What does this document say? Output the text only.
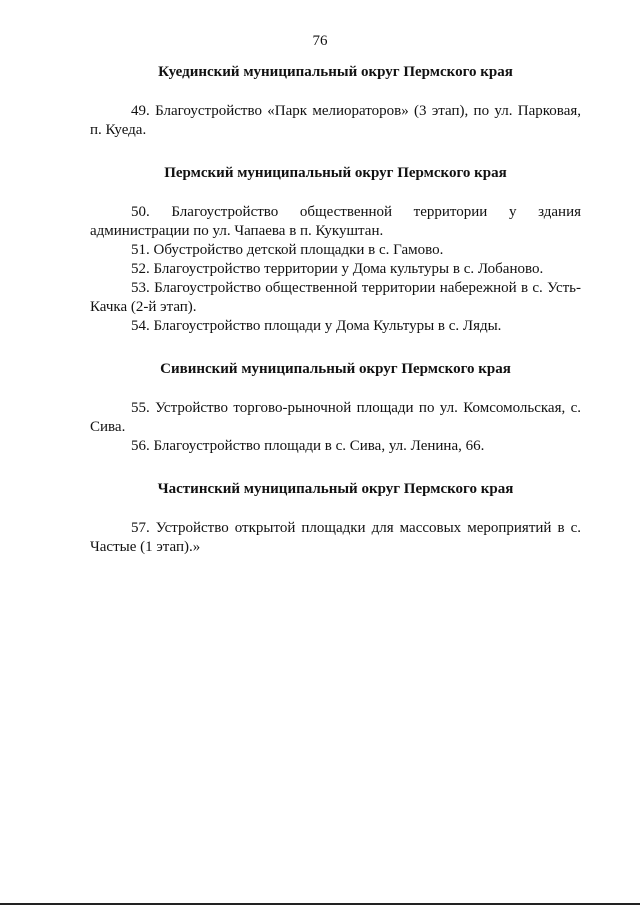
76

Куединский муниципальный округ Пермского края

49. Благоустройство «Парк мелиораторов» (3 этап), по ул. Парковая, п. Куеда.

Пермский муниципальный округ Пермского края

50. Благоустройство общественной территории у здания администрации по ул. Чапаева в п. Кукуштан.

51. Обустройство детской площадки в с. Гамово.

52. Благоустройство территории у Дома культуры в с. Лобаново.

53. Благоустройство общественной территории набережной в с. Усть-Качка (2-й этап).

54. Благоустройство площади у Дома Культуры в с. Ляды.

Сивинский муниципальный округ Пермского края

55. Устройство торгово-рыночной площади по ул. Комсомольская, с. Сива.

56. Благоустройство площади в с. Сива, ул. Ленина, 66.

Частинский муниципальный округ Пермского края

57. Устройство открытой площадки для массовых мероприятий в с. Частые (1 этап).»
